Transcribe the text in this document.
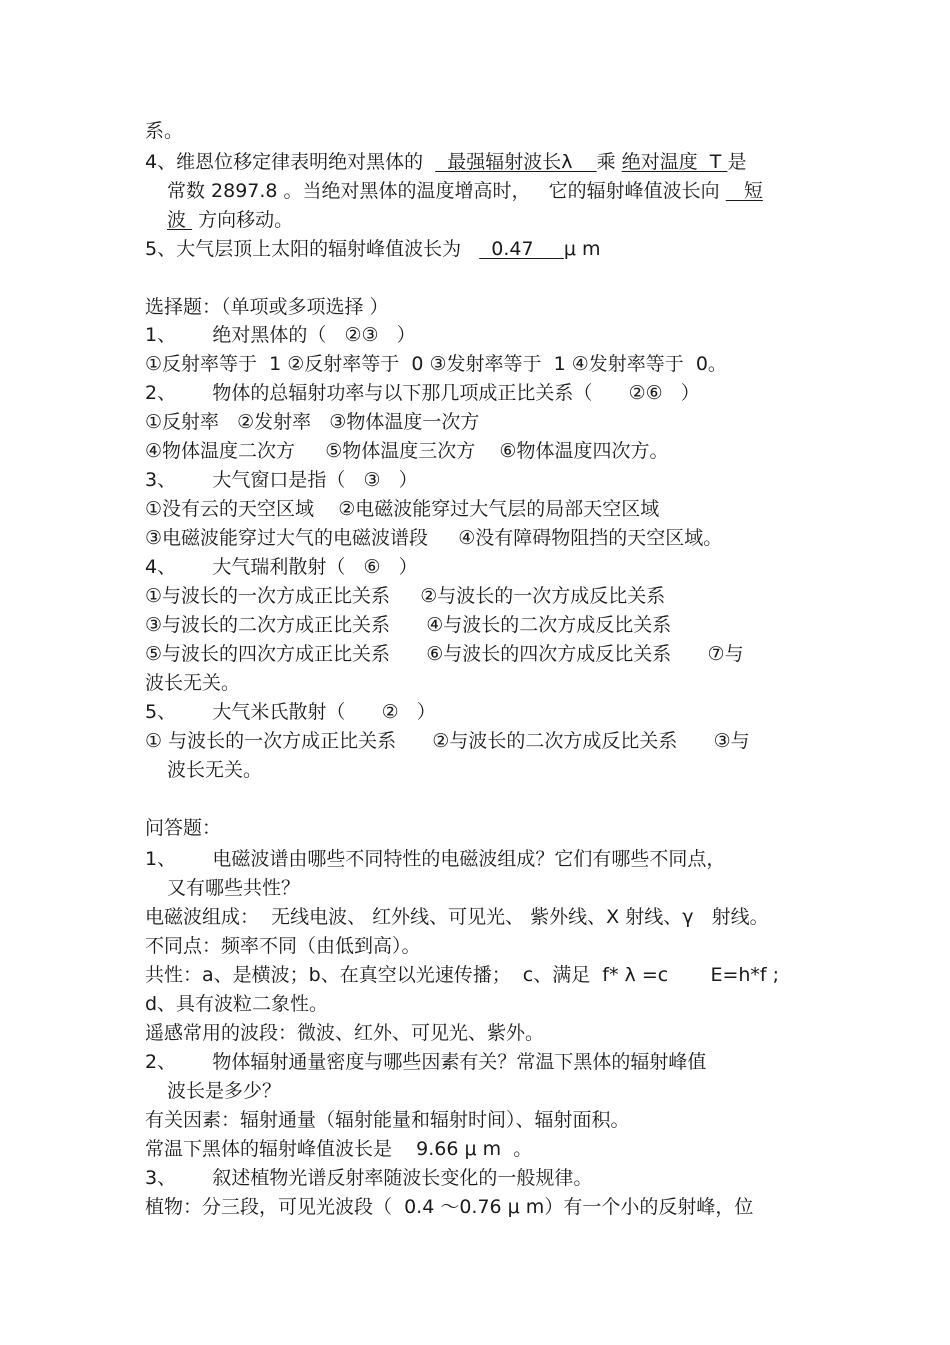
系。
4、维恩位移定律表明绝对黑体的    最强辐射波长λ    乘 绝对温度  T 是
常数 2897.8 。当绝对黑体的温度增高时，   它的辐射峰值波长向    短
波  方向移动。
5、大气层顶上太阳的辐射峰值波长为     0.47     μ m
选择题：（单项或多项选择 ）
1、      绝对黑体的（   ②③   ）
①反射率等于  1 ②反射率等于  0 ③发射率等于  1 ④发射率等于  0。
2、      物体的总辐射功率与以下那几项成正比关系（      ②⑥   ）
①反射率   ②发射率   ③物体温度一次方
④物体温度二次方     ⑤物体温度三次方    ⑥物体温度四次方。
3、      大气窗口是指（   ③   ）
①没有云的天空区域    ②电磁波能穿过大气层的局部天空区域
③电磁波能穿过大气的电磁波谱段     ④没有障碍物阻挡的天空区域。
4、      大气瑞利散射（   ⑥   ）
①与波长的一次方成正比关系     ②与波长的一次方成反比关系
③与波长的二次方成正比关系      ④与波长的二次方成反比关系
⑤与波长的四次方成正比关系      ⑥与波长的四次方成反比关系      ⑦与
波长无关。
5、      大气米氏散射（      ②   ）
① 与波长的一次方成正比关系      ②与波长的二次方成反比关系      ③与
波长无关。
问答题：
1、      电磁波谱由哪些不同特性的电磁波组成？它们有哪些不同点，
又有哪些共性？
电磁波组成：  无线电波、 红外线、可见光、 紫外线、X 射线、γ   射线。
不同点：频率不同（由低到高）。
共性：a、是横波；b、在真空以光速传播；  c、满足  f* λ =c       E=h*f ;
d、具有波粒二象性。
遥感常用的波段：微波、红外、可见光、紫外。
2、      物体辐射通量密度与哪些因素有关？常温下黑体的辐射峰值
波长是多少？
有关因素：辐射通量（辐射能量和辐射时间）、辐射面积。
常温下黑体的辐射峰值波长是    9.66 μ m  。
3、      叙述植物光谱反射率随波长变化的一般规律。
植物：分三段，可见光波段（  0.4 ～0.76 μ m）有一个小的反射峰，位
